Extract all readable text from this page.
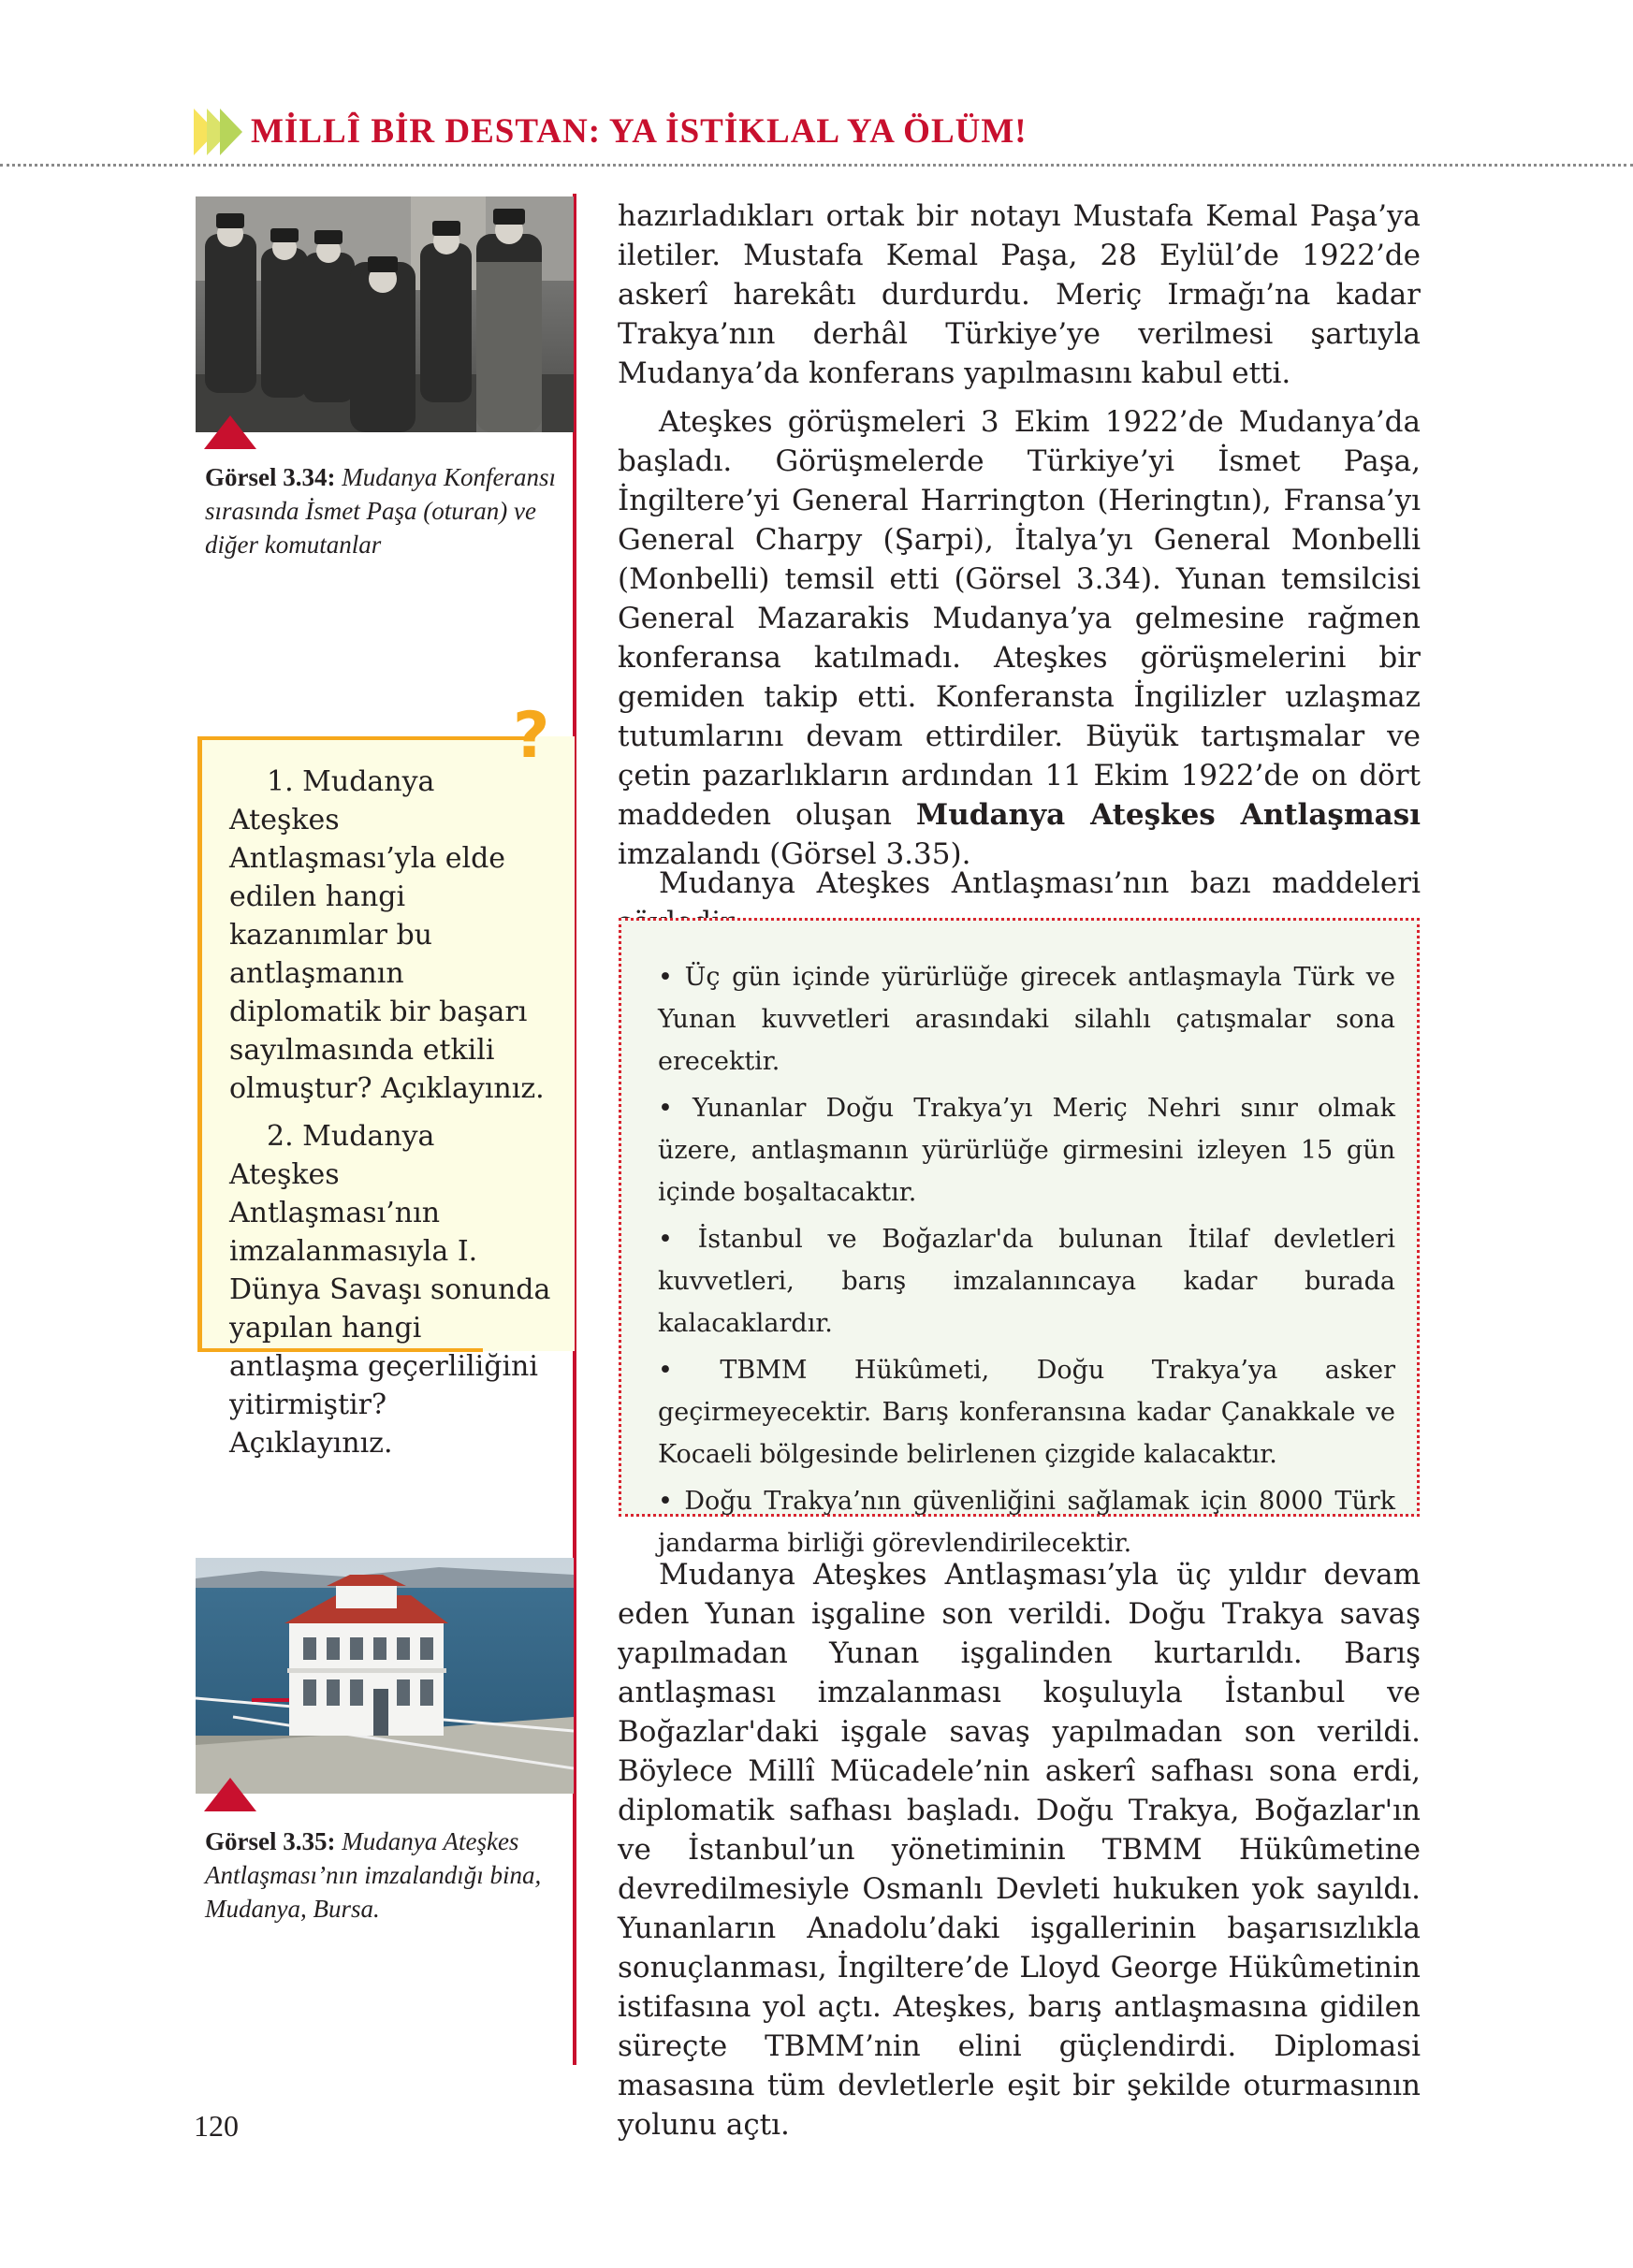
MİLLÎ BİR DESTAN: YA İSTİKLAL YA ÖLÜM!
Görsel 3.34: Mudanya Konferansı sırasında İsmet Paşa (oturan) ve diğer komutanlar
?

1. Mudanya Ateşkes Antlaşması’yla elde edilen hangi kazanımlar bu antlaşmanın diplomatik bir başarı sayılmasında etkili olmuştur? Açıklayınız.

2. Mudanya Ateşkes Antlaşması’nın imzalanmasıyla I. Dünya Savaşı sonunda yapılan hangi antlaşma geçerliliğini yitirmiştir? Açıklayınız.

Görsel 3.35: Mudanya Ateşkes Antlaşması’nın imzalandığı bina, Mudanya, Bursa.

hazırladıkları ortak bir notayı Mustafa Kemal Paşa’ya iletiler. Mustafa Kemal Paşa, 28 Eylül’de 1922’de askerî harekâtı durdurdu. Meriç Irmağı’na kadar Trakya’nın derhâl Türkiye’ye verilmesi şartıyla Mudanya’da konferans yapılmasını kabul etti.

Ateşkes görüşmeleri 3 Ekim 1922’de Mudanya’da başladı. Görüşmelerde Türkiye’yi İsmet Paşa, İngiltere’yi General Harrington (Heringtın), Fransa’yı General Charpy (Şarpi), İtalya’yı General Monbelli (Monbelli) temsil etti (Görsel 3.34). Yunan temsilcisi General Mazarakis Mudanya’ya gelmesine rağmen konferansa katılmadı. Ateşkes görüşmelerini bir gemiden takip etti. Konferansta İngilizler uzlaşmaz tutumlarını devam ettirdiler. Büyük tartışmalar ve çetin pazarlıkların ardından 11 Ekim 1922’de on dört maddeden oluşan Mudanya Ateşkes Antlaşması imzalandı (Görsel 3.35).

Mudanya Ateşkes Antlaşması’nın bazı maddeleri

• Üç gün içinde yürürlüğe girecek antlaşmayla Türk ve Yunan kuvvetleri arasındaki silahlı çatışmalar sona erecektir.
• Yunanlar Doğu Trakya’yı Meriç Nehri sınır olmak üzere, antlaşmanın yürürlüğe girmesini izleyen 15 gün içinde boşaltacaktır.
• İstanbul ve Boğazlar'da bulunan İtilaf devletleri kuvvetleri, barış imzalanıncaya kadar burada kalacaklardır.
• TBMM Hükûmeti, Doğu Trakya’ya asker geçirmeyecektir. Barış konferansına kadar Çanakkale ve Kocaeli bölgesinde belirlenen çizgide kalacaktır.
• Doğu Trakya’nın güvenliğini sağlamak için 8000 Türk jandarma birliği görevlendirilecektir.

Mudanya Ateşkes Antlaşması’yla üç yıldır devam eden Yunan işgaline son verildi. Doğu Trakya savaş yapılmadan Yunan işgalinden kurtarıldı. Barış antlaşması imzalanması koşuluyla İstanbul ve Boğazlar'daki işgale savaş yapılmadan son verildi. Böylece Millî Mücadele’nin askerî safhası sona erdi, diplomatik safhası başladı. Doğu Trakya, Boğazlar'ın ve İstanbul’un yönetiminin TBMM Hükûmetine devredilmesiyle Osmanlı Devleti hukuken yok sayıldı. Yunanların Anadolu’daki işgallerinin başarısızlıkla sonuçlanması, İngiltere’de Lloyd George Hükûmetinin istifasına yol açtı. Ateşkes, barış antlaşmasına gidilen süreçte TBMM’nin elini güçlendirdi. Diplomasi masasına tüm devletlerle eşit bir şekilde oturmasının yolunu açtı.

120
